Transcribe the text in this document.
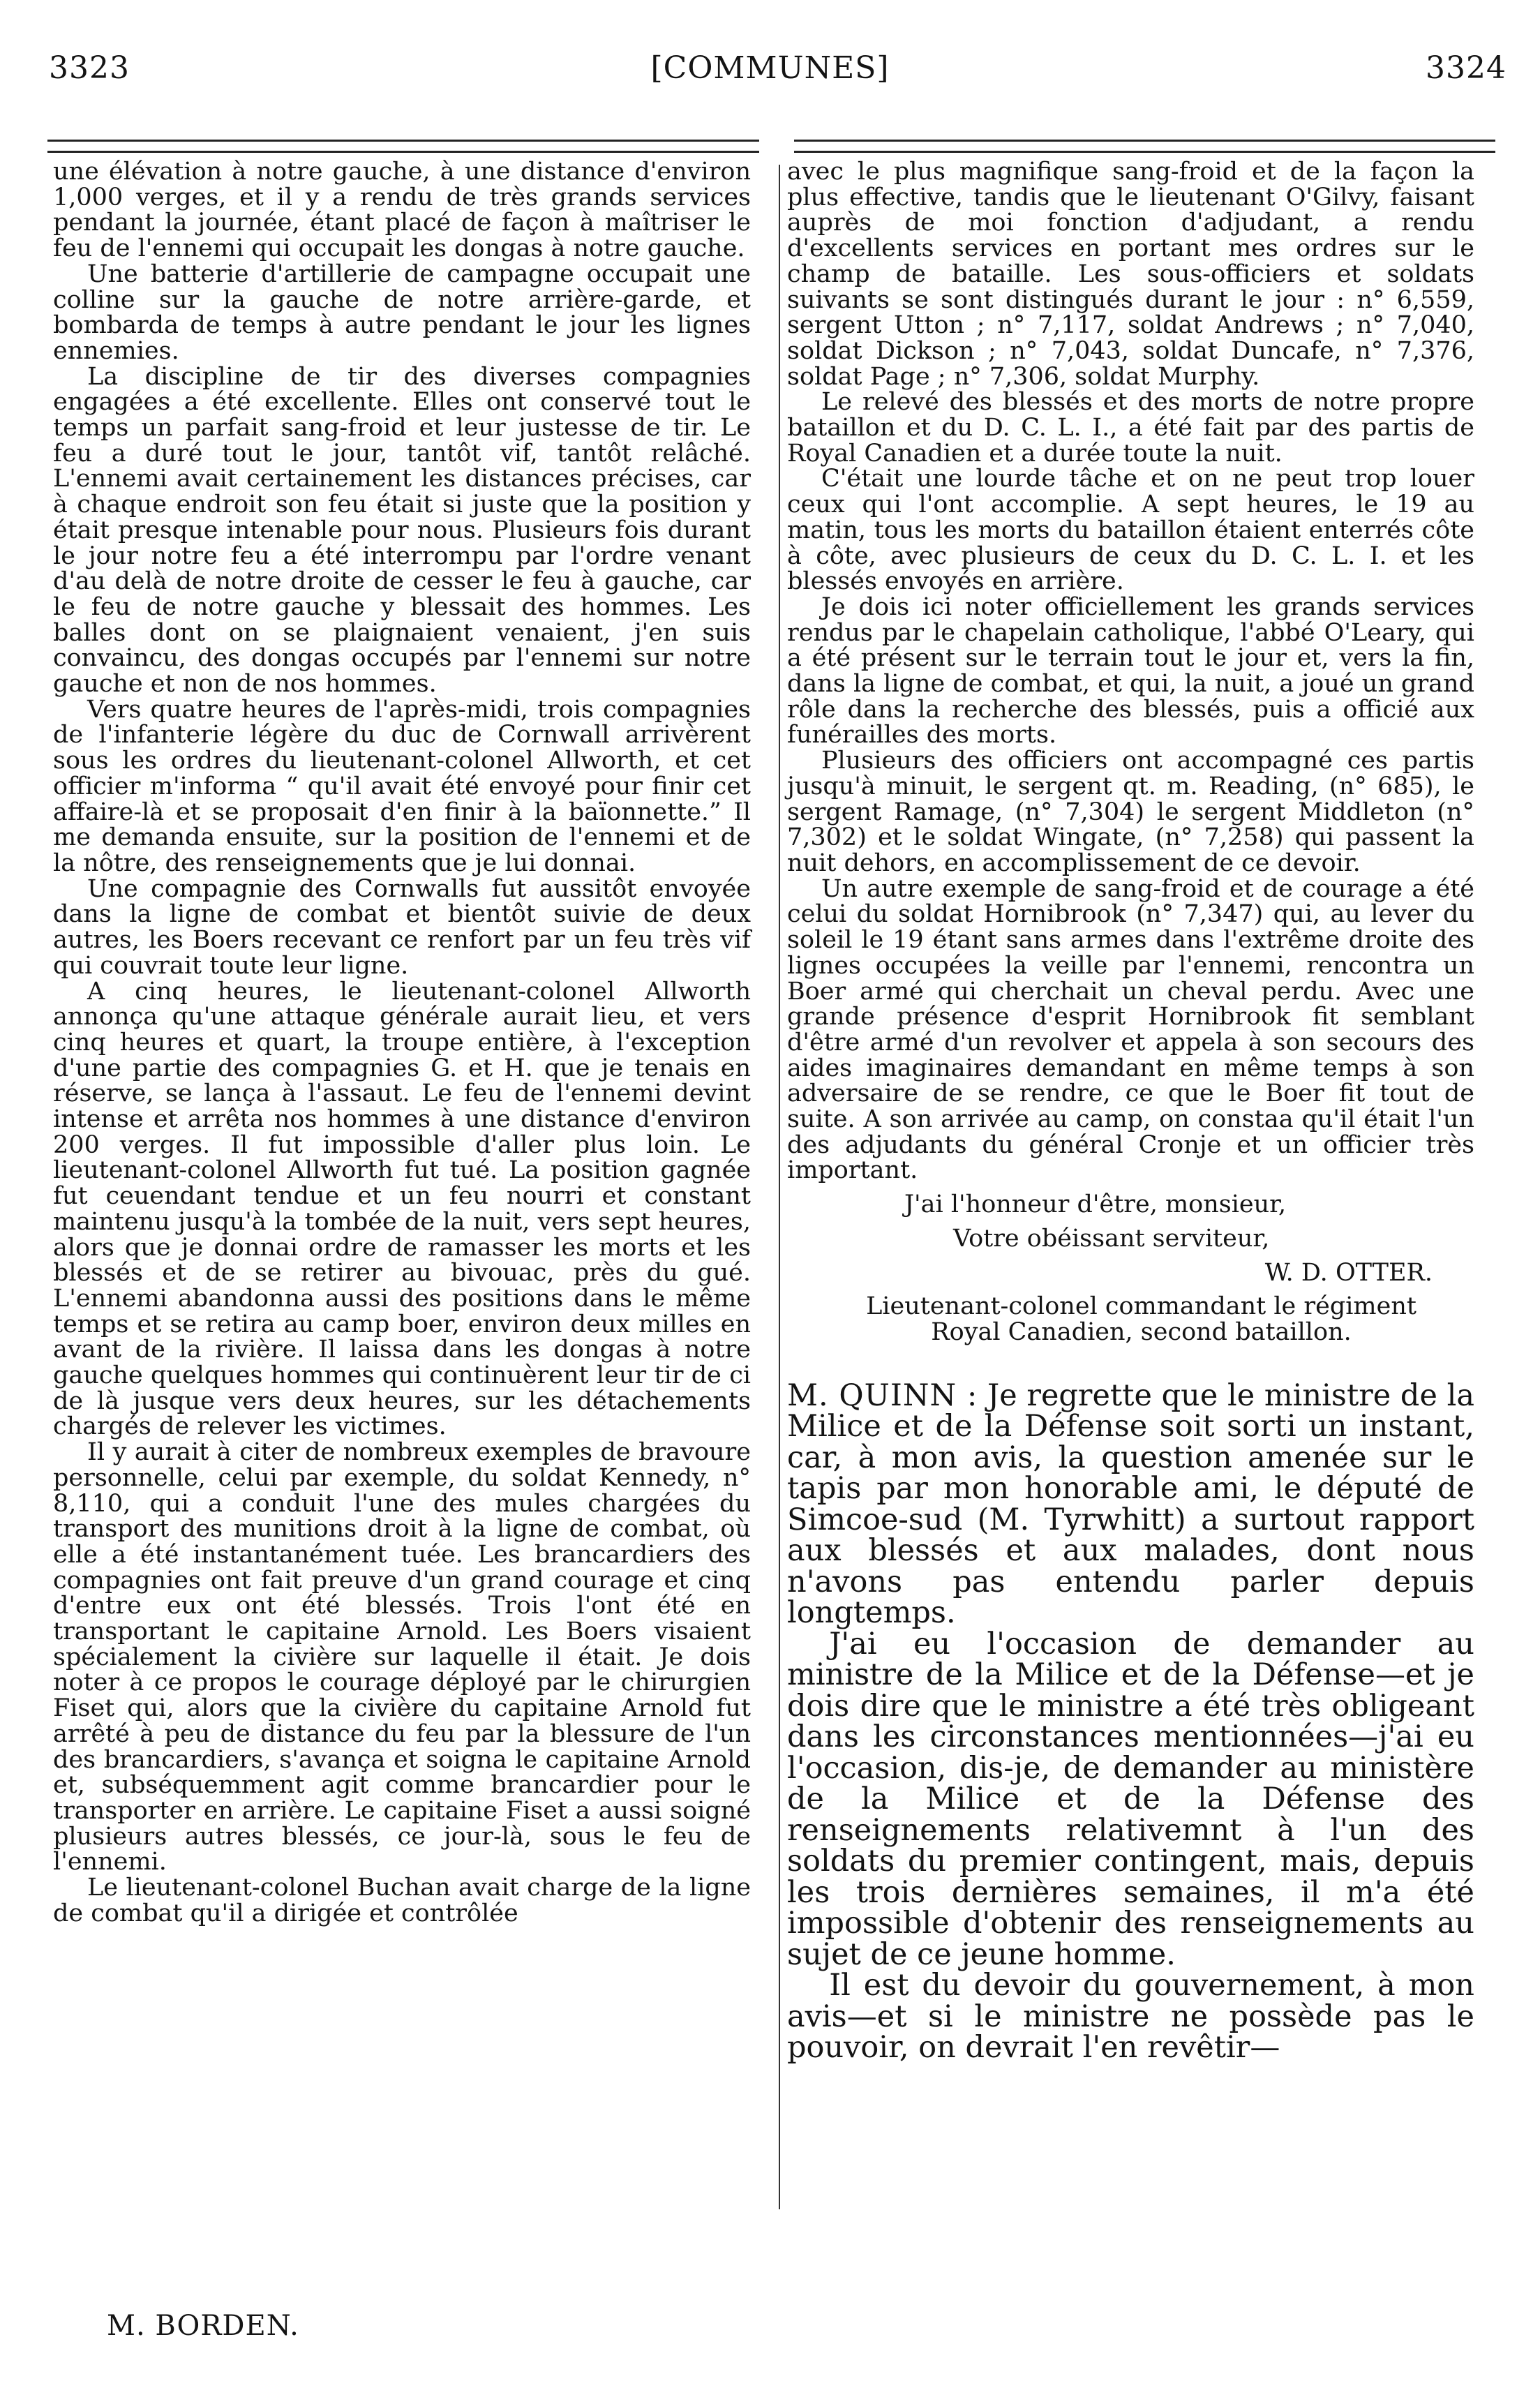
3323	[COMMUNES]	3324

une élévation à notre gauche, à une distance d'environ 1,000 verges, et il y a rendu de très grands services pendant la journée, étant placé de façon à maîtriser le feu de l'ennemi qui occupait les dongas à notre gauche.

Une batterie d'artillerie de campagne occupait une colline sur la gauche de notre arrière-garde, et bombarda de temps à autre pendant le jour les lignes ennemies.

La discipline de tir des diverses compagnies engagées a été excellente. Elles ont conservé tout le temps un parfait sang-froid et leur justesse de tir. Le feu a duré tout le jour, tantôt vif, tantôt relâché. L'ennemi avait certainement les distances précises, car à chaque endroit son feu était si juste que la position y était presque intenable pour nous. Plusieurs fois durant le jour notre feu a été interrompu par l'ordre venant d'au delà de notre droite de cesser le feu à gauche, car le feu de notre gauche y blessait des hommes. Les balles dont on se plaignaient venaient, j'en suis convaincu, des dongas occupés par l'ennemi sur notre gauche et non de nos hommes.

Vers quatre heures de l'après-midi, trois compagnies de l'infanterie légère du duc de Cornwall arrivèrent sous les ordres du lieutenant-colonel Allworth, et cet officier m'informa “ qu'il avait été envoyé pour finir cet affaire-là et se proposait d'en finir à la baïonnette.” Il me demanda ensuite, sur la position de l'ennemi et de la nôtre, des renseignements que je lui donnai.

Une compagnie des Cornwalls fut aussitôt envoyée dans la ligne de combat et bientôt suivie de deux autres, les Boers recevant ce renfort par un feu très vif qui couvrait toute leur ligne.

A cinq heures, le lieutenant-colonel Allworth annonça qu'une attaque générale aurait lieu, et vers cinq heures et quart, la troupe entière, à l'exception d'une partie des compagnies G. et H. que je tenais en réserve, se lança à l'assaut. Le feu de l'ennemi devint intense et arrêta nos hommes à une distance d'environ 200 verges. Il fut impossible d'aller plus loin. Le lieutenant-colonel Allworth fut tué. La position gagnée fut ceuendant tendue et un feu nourri et constant maintenu jusqu'à la tombée de la nuit, vers sept heures, alors que je donnai ordre de ramasser les morts et les blessés et de se retirer au bivouac, près du gué. L'ennemi abandonna aussi des positions dans le même temps et se retira au camp boer, environ deux milles en avant de la rivière. Il laissa dans les dongas à notre gauche quelques hommes qui continuèrent leur tir de ci de là jusque vers deux heures, sur les détachements chargés de relever les victimes.

Il y aurait à citer de nombreux exemples de bravoure personnelle, celui par exemple, du soldat Kennedy, n° 8,110, qui a conduit l'une des mules chargées du transport des munitions droit à la ligne de combat, où elle a été instantanément tuée. Les brancardiers des compagnies ont fait preuve d'un grand courage et cinq d'entre eux ont été blessés. Trois l'ont été en transportant le capitaine Arnold. Les Boers visaient spécialement la civière sur laquelle il était. Je dois noter à ce propos le courage déployé par le chirurgien Fiset qui, alors que la civière du capitaine Arnold fut arrêté à peu de distance du feu par la blessure de l'un des brancardiers, s'avança et soigna le capitaine Arnold et, subséquemment agit comme brancardier pour le transporter en arrière. Le capitaine Fiset a aussi soigné plusieurs autres blessés, ce jour-là, sous le feu de l'ennemi.

Le lieutenant-colonel Buchan avait charge de la ligne de combat qu'il a dirigée et contrôlée

avec le plus magnifique sang-froid et de la façon la plus effective, tandis que le lieutenant O'Gilvy, faisant auprès de moi fonction d'adjudant, a rendu d'excellents services en portant mes ordres sur le champ de bataille. Les sous-officiers et soldats suivants se sont distingués durant le jour : n° 6,559, sergent Utton ; n° 7,117, soldat Andrews ; n° 7,040, soldat Dickson ; n° 7,043, soldat Duncafe, n° 7,376, soldat Page ; n° 7,306, soldat Murphy.

Le relevé des blessés et des morts de notre propre bataillon et du D. C. L. I., a été fait par des partis de Royal Canadien et a durée toute la nuit.

C'était une lourde tâche et on ne peut trop louer ceux qui l'ont accomplie. A sept heures, le 19 au matin, tous les morts du bataillon étaient enterrés côte à côte, avec plusieurs de ceux du D. C. L. I. et les blessés envoyés en arrière.

Je dois ici noter officiellement les grands services rendus par le chapelain catholique, l'abbé O'Leary, qui a été présent sur le terrain tout le jour et, vers la fin, dans la ligne de combat, et qui, la nuit, a joué un grand rôle dans la recherche des blessés, puis a officié aux funérailles des morts.

Plusieurs des officiers ont accompagné ces partis jusqu'à minuit, le sergent qt. m. Reading, (n° 685), le sergent Ramage, (n° 7,304) le sergent Middleton (n° 7,302) et le soldat Wingate, (n° 7,258) qui passent la nuit dehors, en accomplissement de ce devoir.

Un autre exemple de sang-froid et de courage a été celui du soldat Hornibrook (n° 7,347) qui, au lever du soleil le 19 étant sans armes dans l'extrême droite des lignes occupées la veille par l'ennemi, rencontra un Boer armé qui cherchait un cheval perdu. Avec une grande présence d'esprit Hornibrook fit semblant d'être armé d'un revolver et appela à son secours des aides imaginaires demandant en même temps à son adversaire de se rendre, ce que le Boer fit tout de suite. A son arrivée au camp, on constaa qu'il était l'un des adjudants du général Cronje et un officier très important.

J'ai l'honneur d'être, monsieur,

Votre obéissant serviteur,

W. D. OTTER.

Lieutenant-colonel commandant le régiment
Royal Canadien, second bataillon.

M. QUINN : Je regrette que le ministre de la Milice et de la Défense soit sorti un instant, car, à mon avis, la question amenée sur le tapis par mon honorable ami, le député de Simcoe-sud (M. Tyrwhitt) a surtout rapport aux blessés et aux malades, dont nous n'avons pas entendu parler depuis longtemps.

J'ai eu l'occasion de demander au ministre de la Milice et de la Défense—et je dois dire que le ministre a été très obligeant dans les circonstances mentionnées—j'ai eu l'occasion, dis-je, de demander au ministère de la Milice et de la Défense des renseignements relativemnt à l'un des soldats du premier contingent, mais, depuis les trois dernières semaines, il m'a été impossible d'obtenir des renseignements au sujet de ce jeune homme.

Il est du devoir du gouvernement, à mon avis—et si le ministre ne possède pas le pouvoir, on devrait l'en revêtir—

M. BORDEN.
